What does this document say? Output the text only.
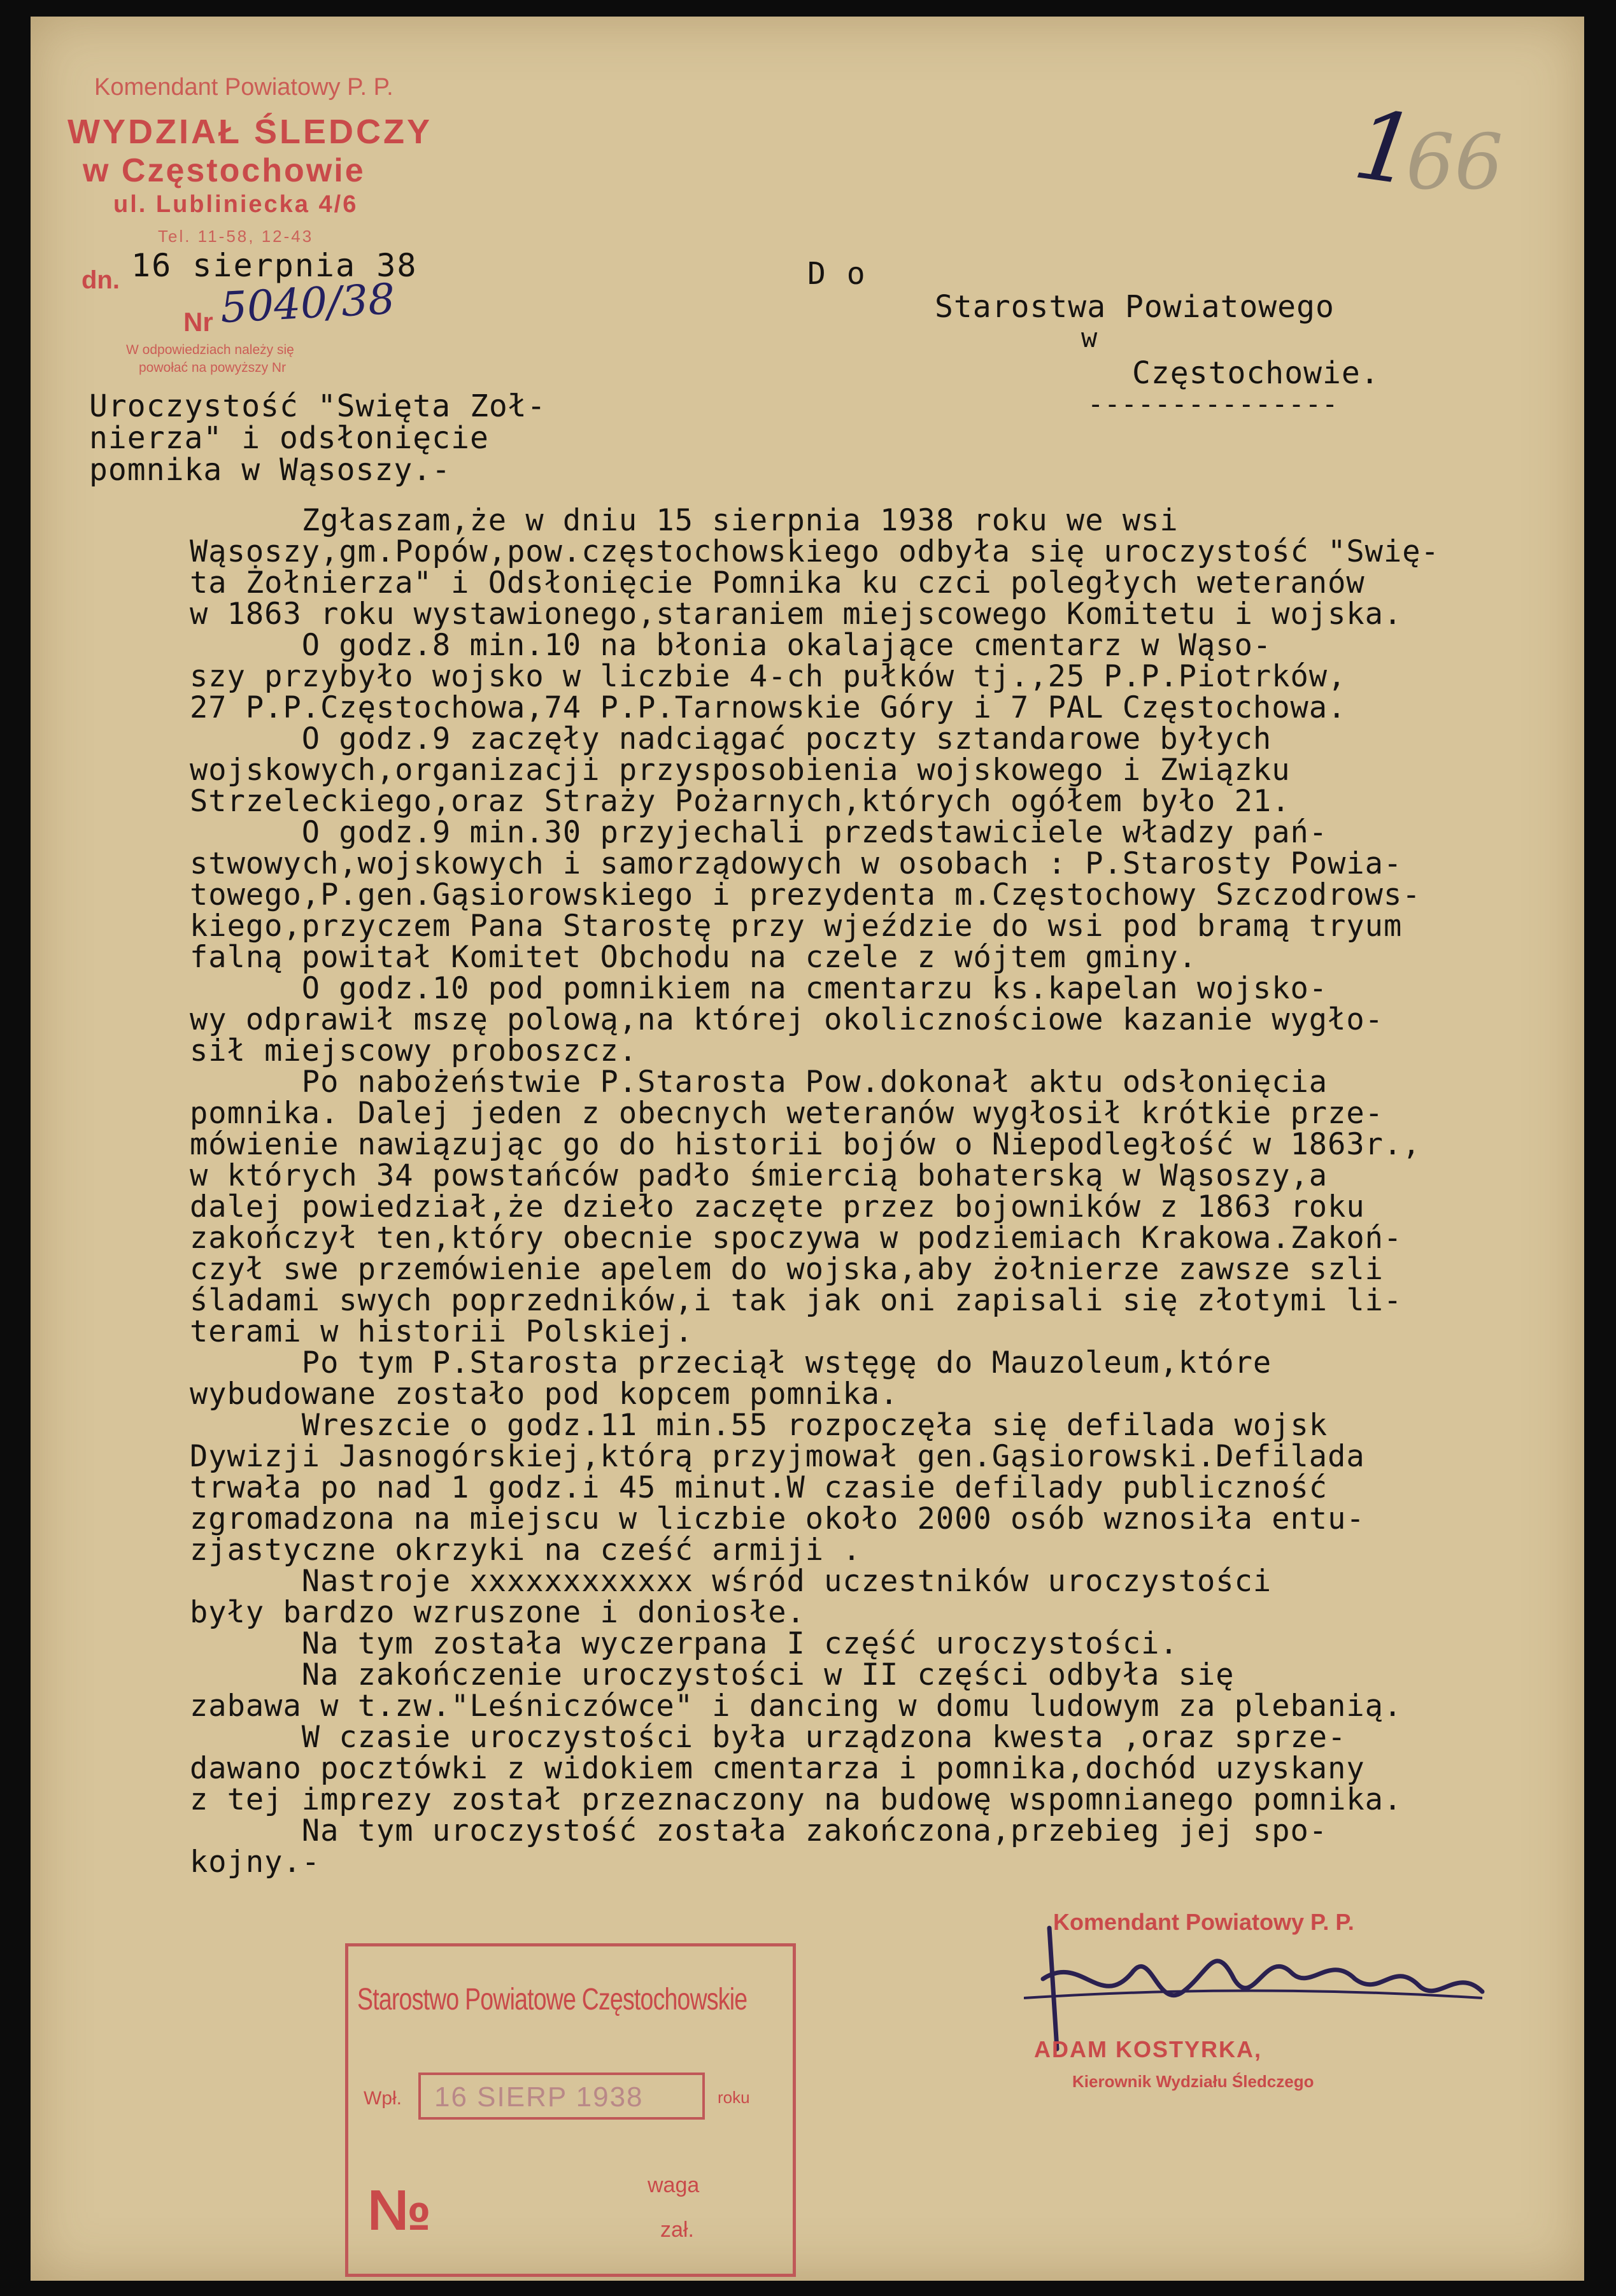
Komendant Powiatowy P. P.
WYDZIAŁ ŚLEDCZY
w Częstochowie
ul. Lubliniecka 4/6
Tel. 11-58, 12-43
dn.
Nr
W odpowiedziach należy się
powołać na powyższy Nr
16 sierpnia 38
5040/38
1
66
D o
Starostwa Powiatowego
w
Częstochowie.
---------------
Uroczystość "Swięta Zoł-
nierza" i odsłonięcie
pomnika w Wąsoszy.-
Zgłaszam,że w dniu 15 sierpnia 1938 roku we wsi
Wąsoszy,gm.Popów,pow.częstochowskiego odbyła się uroczystość "Swię-
ta Żołnierza" i Odsłonięcie Pomnika ku czci poległych weteranów
w 1863 roku wystawionego,staraniem miejscowego Komitetu i wojska.
O godz.8 min.10 na błonia okalające cmentarz w Wąso-
szy przybyło wojsko w liczbie 4-ch pułków tj.,25 P.P.Piotrków,
27 P.P.Częstochowa,74 P.P.Tarnowskie Góry i 7 PAL Częstochowa.
O godz.9 zaczęły nadciągać poczty sztandarowe byłych
wojskowych,organizacji przysposobienia wojskowego i Związku
Strzeleckiego,oraz Straży Pożarnych,których ogółem było 21.
O godz.9 min.30 przyjechali przedstawiciele władzy pań-
stwowych,wojskowych i samorządowych w osobach : P.Starosty Powia-
towego,P.gen.Gąsiorowskiego i prezydenta m.Częstochowy Szczodrows-
kiego,przyczem Pana Starostę przy wjeździe do wsi pod bramą tryum
falną powitał Komitet Obchodu na czele z wójtem gminy.
O godz.10 pod pomnikiem na cmentarzu ks.kapelan wojsko-
wy odprawił mszę polową,na której okolicznościowe kazanie wygło-
sił miejscowy proboszcz.
Po nabożeństwie P.Starosta Pow.dokonał aktu odsłonięcia
pomnika. Dalej jeden z obecnych weteranów wygłosił krótkie prze-
mówienie nawiązując go do historii bojów o Niepodległość w 1863r.,
w których 34 powstańców padło śmiercią bohaterską w Wąsoszy,a
dalej powiedział,że dzieło zaczęte przez bojowników z 1863 roku
zakończył ten,który obecnie spoczywa w podziemiach Krakowa.Zakoń-
czył swe przemówienie apelem do wojska,aby żołnierze zawsze szli
śladami swych poprzedników,i tak jak oni zapisali się złotymi li-
terami w historii Polskiej.
Po tym P.Starosta przeciął wstęgę do Mauzoleum,które
wybudowane zostało pod kopcem pomnika.
Wreszcie o godz.11 min.55 rozpoczęła się defilada wojsk
Dywizji Jasnogórskiej,którą przyjmował gen.Gąsiorowski.Defilada
trwała po nad 1 godz.i 45 minut.W czasie defilady publiczność
zgromadzona na miejscu w liczbie około 2000 osób wznosiła entu-
zjastyczne okrzyki na cześć armiji .
Nastroje xxxxxxxxxxxx wśród uczestników uroczystości
były bardzo wzruszone i doniosłe.
Na tym została wyczerpana I część uroczystości.
Na zakończenie uroczystości w II części odbyła się
zabawa w t.zw."Leśniczówce" i dancing w domu ludowym za plebanią.
W czasie uroczystości była urządzona kwesta ,oraz sprze-
dawano pocztówki z widokiem cmentarza i pomnika,dochód uzyskany
z tej imprezy został przeznaczony na budowę wspomnianego pomnika.
Na tym uroczystość została zakończona,przebieg jej spo-
kojny.-
Starostwo Powiatowe Częstochowskie
Wpł. 16 SIERP 1938	roku
№	waga
zał.
Komendant Powiatowy P. P.
ADAM KOSTYRKA,
Kierownik Wydziału Śledczego
